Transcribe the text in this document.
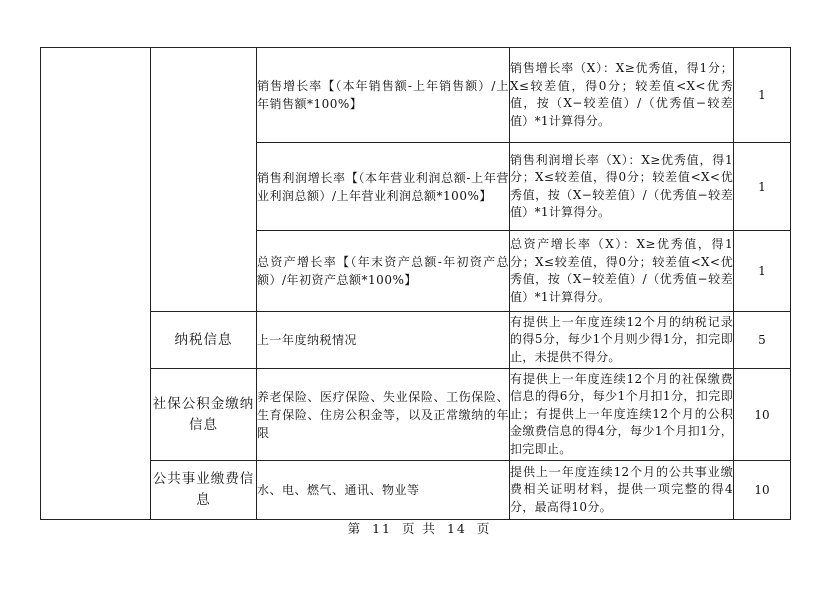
		销售增长率【（本年销售额-上年销售额）/上年销售额*100%】	销售增长率（X）：X≥优秀值，得1分；X≤较差值，得0分；较差值<X<优秀值，按（X−较差值）/（优秀值−较差值）*1计算得分。	1
		销售利润增长率【（本年营业利润总额-上年营业利润总额）/上年营业利润总额*100%】	销售利润增长率（X）：X≥优秀值，得1分；X≤较差值，得0分；较差值<X<优秀值，按（X−较差值）/（优秀值−较差值）*1计算得分。	1
		总资产增长率【（年末资产总额-年初资产总额）/年初资产总额*100%】	总资产增长率（X）：X≥优秀值，得1分；X≤较差值，得0分；较差值<X<优秀值，按（X−较差值）/（优秀值−较差值）*1计算得分。	1
	纳税信息	上一年度纳税情况	有提供上一年度连续12个月的纳税记录的得5分，每少1个月则少得1分，扣完即止，未提供不得分。	5
	社保公积金缴纳信息	养老保险、医疗保险、失业保险、工伤保险、生育保险、住房公积金等，以及正常缴纳的年限	有提供上一年度连续12个月的社保缴费信息的得6分，每少1个月扣1分，扣完即止；有提供上一年度连续12个月的公积金缴费信息的得4分，每少1个月扣1分，扣完即止。	10
	公共事业缴费信息	水、电、燃气、通讯、物业等	提供上一年度连续12个月的公共事业缴费相关证明材料，提供一项完整的得4分，最高得10分。	10
第 11 页 共 14 页
